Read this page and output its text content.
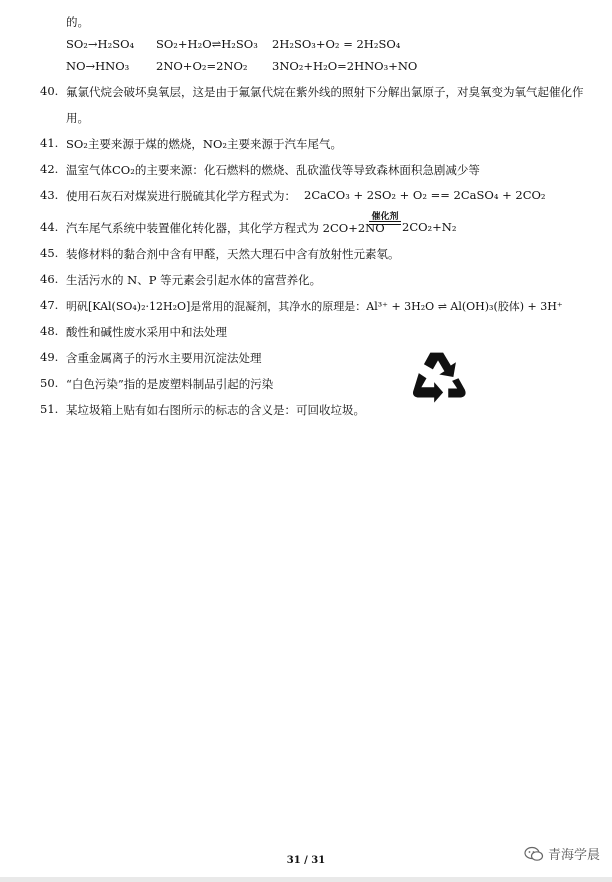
的。
SO₂→H₂SO₄ SO₂+H₂O⇌H₂SO₃ 2H₂SO₃+O₂ = 2H₂SO₄
NO→HNO₃ 2NO+O₂=2NO₂ 3NO₂+H₂O=2HNO₃+NO
40. 氟氯代烷会破坏臭氧层，这是由于氟氯代烷在紫外线的照射下分解出氯原子，对臭氧变为氧气起催化作
用。
41. SO₂主要来源于煤的燃烧，NO₂主要来源于汽车尾气。
42. 温室气体CO₂的主要来源：化石燃料的燃烧、乱砍滥伐等导致森林面积急剧减少等
43. 使用石灰石对煤炭进行脱硫其化学方程式为： 2CaCO₃ + 2SO₂ + O₂ == 2CaSO₄ + 2CO₂
44. 汽车尾气系统中装置催化转化器，其化学方程式为 2CO+2NO
催化剂
2CO₂+N₂
45. 装修材料的黏合剂中含有甲醛，天然大理石中含有放射性元素氡。
46. 生活污水的 N、P 等元素会引起水体的富营养化。
47. 明矾[KAl(SO₄)₂·12H₂O]是常用的混凝剂，其净水的原理是：Al³⁺ + 3H₂O ⇌ Al(OH)₃(胶体) + 3H⁺
48. 酸性和碱性废水采用中和法处理
49. 含重金属离子的污水主要用沉淀法处理
50. “白色污染”指的是废塑料制品引起的污染
51. 某垃圾箱上贴有如右图所示的标志的含义是：可回收垃圾。
31 / 31	青海学晨
